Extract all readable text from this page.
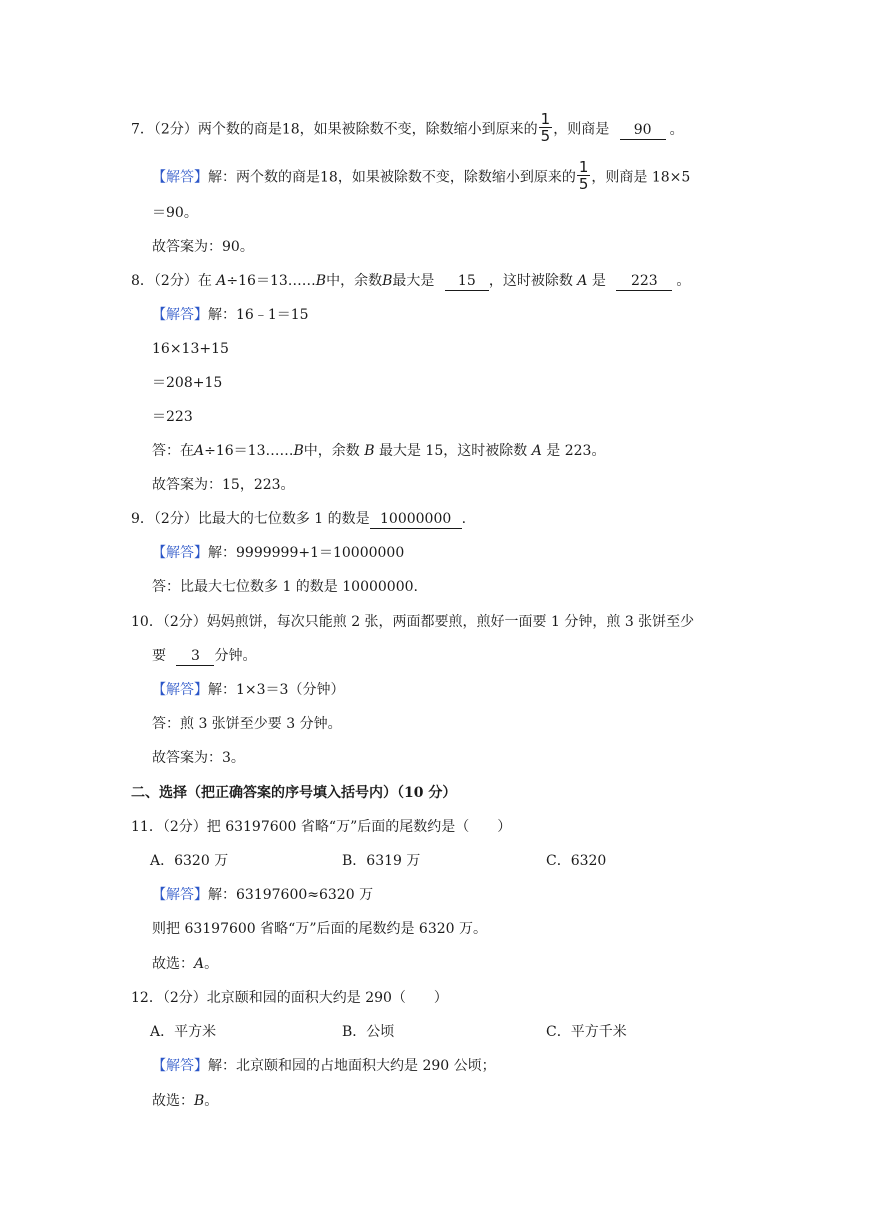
7．（2分）两个数的商是18，如果被除数不变，除数缩小到原来的 $\frac{1}{5}$ ，则商是 90 。
【解答】解：两个数的商是18，如果被除数不变，除数缩小到原来的 $\frac{1}{5}$ ，则商是 18×5
＝90。
故答案为：90。
8．（2分）在 A÷16＝13……B中，余数B最大是 15 ，这时被除数 A 是 223 。
【解答】解：16﹣1＝15
16×13+15
＝208+15
＝223
答：在A÷16＝13……B中，余数 B 最大是 15，这时被除数 A 是 223。
故答案为：15，223。
9．（2分）比最大的七位数多 1 的数是 10000000 .
【解答】解：9999999+1＝10000000
答：比最大七位数多 1 的数是 10000000.
10．（2分）妈妈煎饼，每次只能煎 2 张，两面都要煎，煎好一面要 1 分钟，煎 3 张饼至少
要 3 分钟。
【解答】解：1×3＝3（分钟）
答：煎 3 张饼至少要 3 分钟。
故答案为：3。
二、选择（把正确答案的序号填入括号内）（10 分）
11．（2分）把 63197600 省略“万”后面的尾数约是（　　）
A．6320 万	B．6319 万	C．6320
【解答】解：63197600≈6320 万
则把 63197600 省略“万”后面的尾数约是 6320 万。
故选：A。
12．（2分）北京颐和园的面积大约是 290（　　）
A．平方米	B．公顷	C．平方千米
【解答】解：北京颐和园的占地面积大约是 290 公顷；
故选：B。
